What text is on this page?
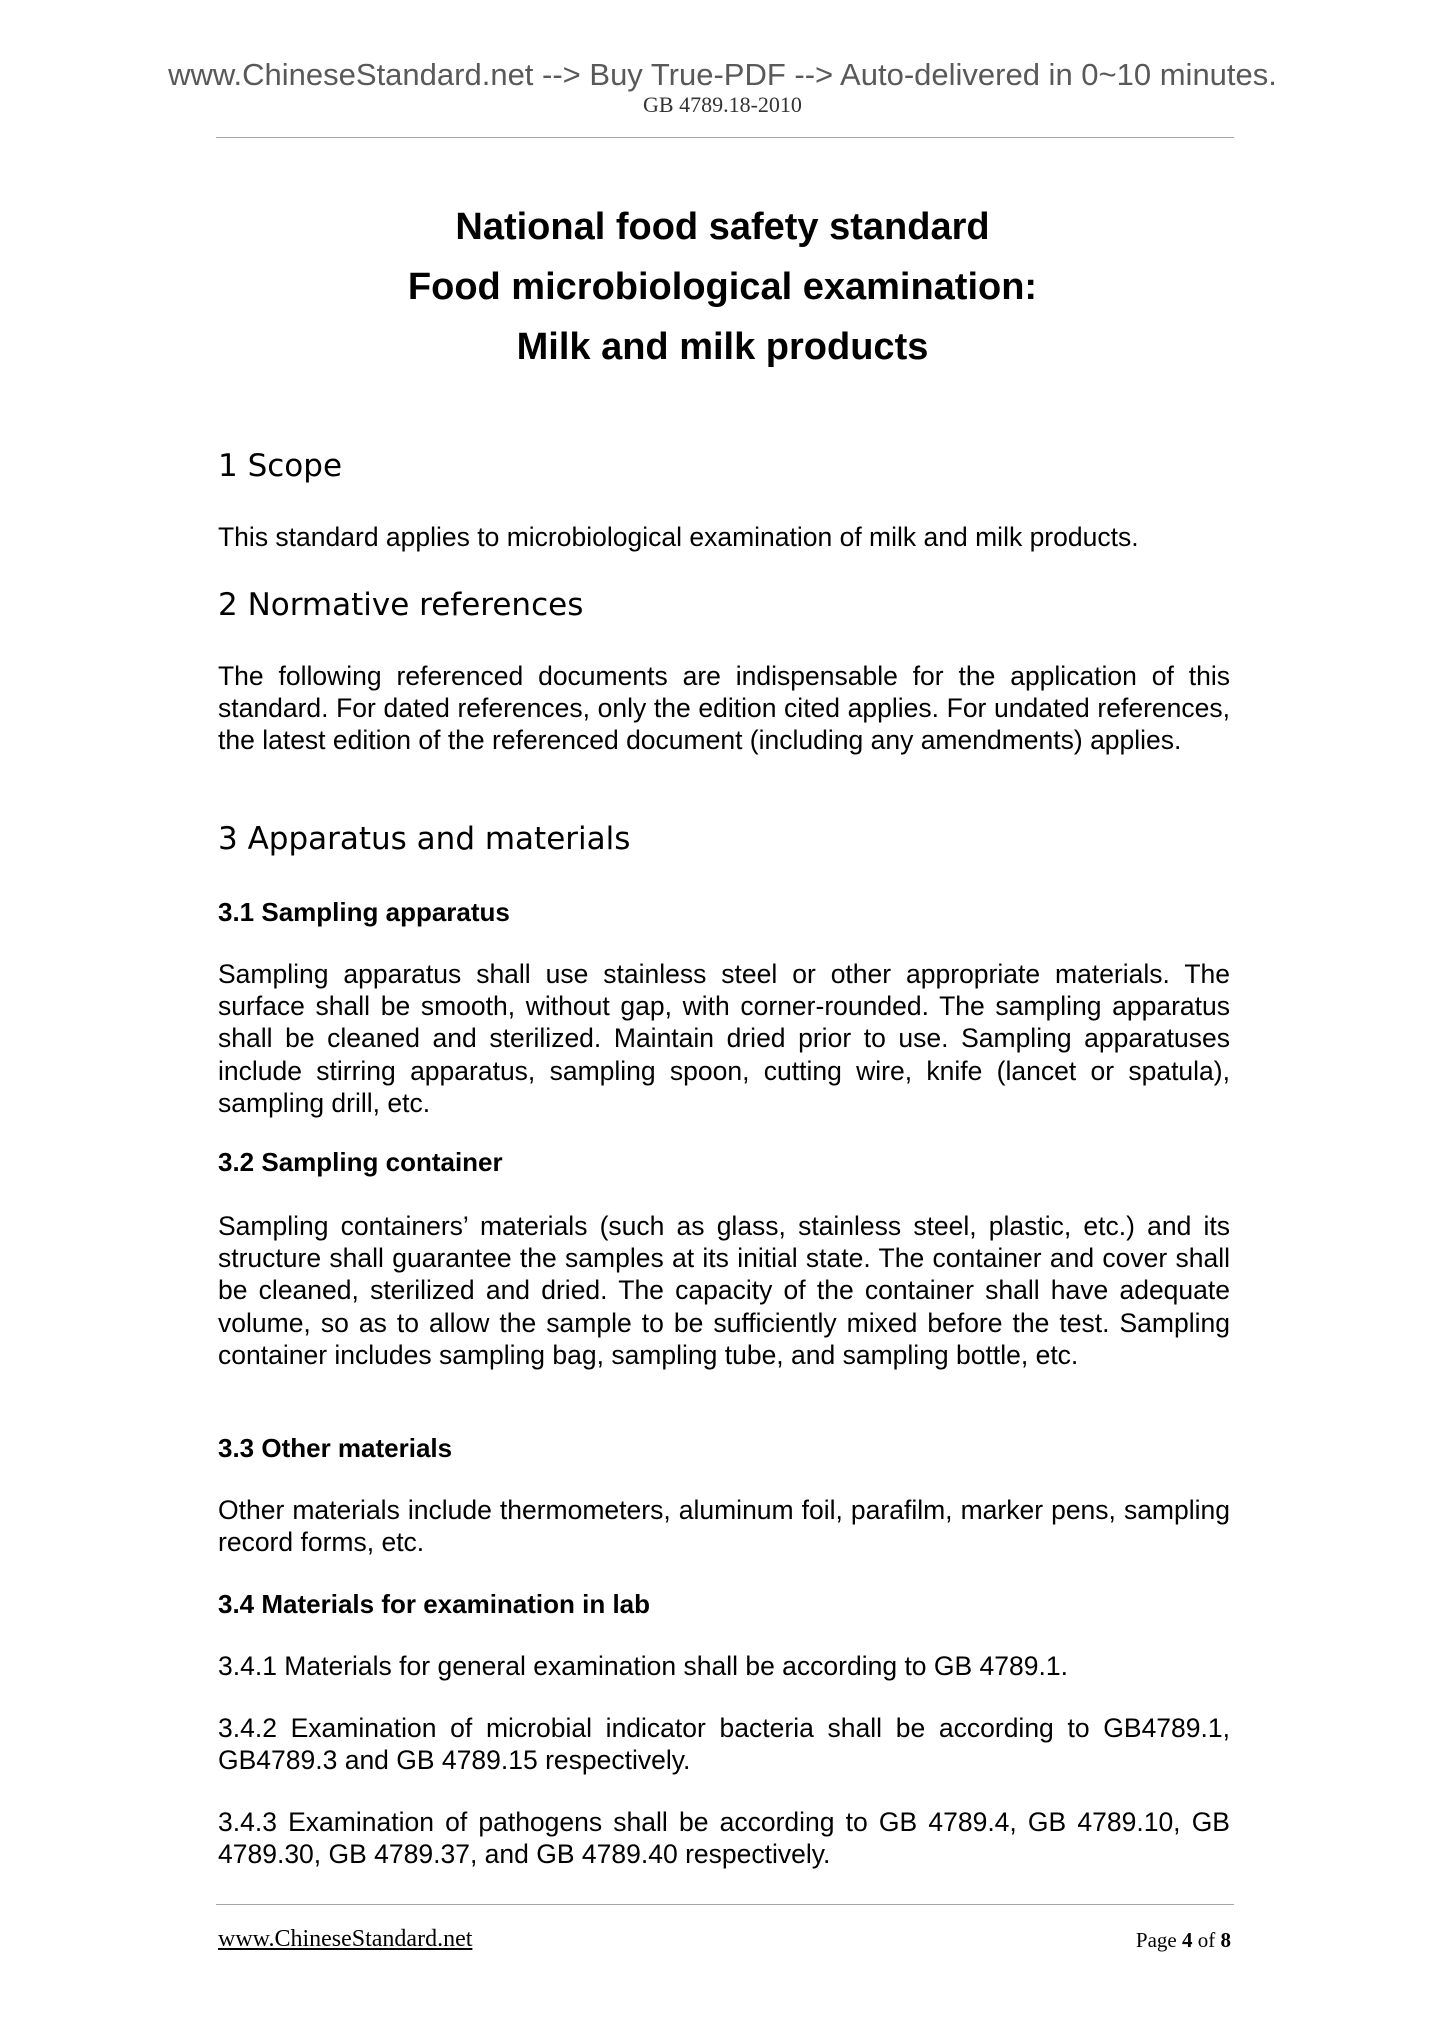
www.ChineseStandard.net --> Buy True-PDF --> Auto-delivered in 0~10 minutes.
GB 4789.18-2010
National food safety standard
Food microbiological examination:
Milk and milk products
1 Scope

This standard applies to microbiological examination of milk and milk products.

2 Normative references

The following referenced documents are indispensable for the application of this standard. For dated references, only the edition cited applies. For undated references, the latest edition of the referenced document (including any amendments) applies.

3 Apparatus and materials
3.1 Sampling apparatus

Sampling apparatus shall use stainless steel or other appropriate materials. The surface shall be smooth, without gap, with corner-rounded. The sampling apparatus shall be cleaned and sterilized. Maintain dried prior to use. Sampling apparatuses include stirring apparatus, sampling spoon, cutting wire, knife (lancet or spatula), sampling drill, etc.

3.2 Sampling container

Sampling containers’ materials (such as glass, stainless steel, plastic, etc.) and its structure shall guarantee the samples at its initial state. The container and cover shall be cleaned, sterilized and dried. The capacity of the container shall have adequate volume, so as to allow the sample to be sufficiently mixed before the test. Sampling container includes sampling bag, sampling tube, and sampling bottle, etc.

3.3 Other materials

Other materials include thermometers, aluminum foil, parafilm, marker pens, sampling record forms, etc.

3.4 Materials for examination in lab

3.4.1 Materials for general examination shall be according to GB 4789.1.

3.4.2 Examination of microbial indicator bacteria shall be according to GB4789.1, GB4789.3 and GB 4789.15 respectively.

3.4.3 Examination of pathogens shall be according to GB 4789.4, GB 4789.10, GB 4789.30, GB 4789.37, and GB 4789.40 respectively.

www.ChineseStandard.net	Page 4 of 8
